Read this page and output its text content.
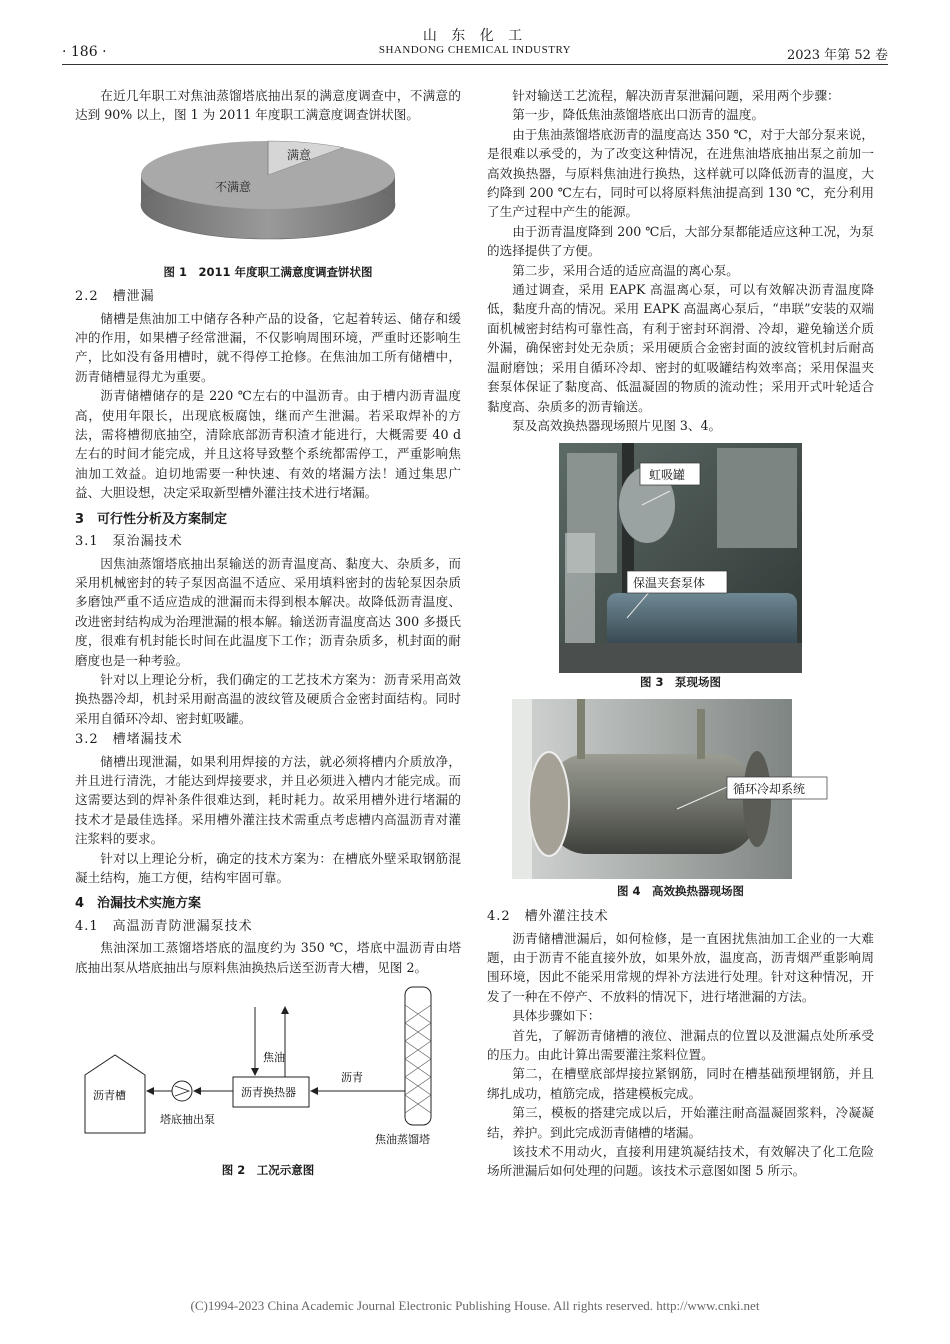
· 186 ·
山 东 化 工
SHANDONG CHEMICAL INDUSTRY	2023 年第 52 卷

在近几年职工对焦油蒸馏塔底抽出泵的满意度调查中，不满意的达到 90% 以上，图 1 为 2011 年度职工满意度调查饼状图。

满意
不满意
图 1　2011 年度职工满意度调查饼状图
2.2　槽泄漏

储槽是焦油加工中储存各种产品的设备，它起着转运、储存和缓冲的作用，如果槽子经常泄漏，不仅影响周围环境，严重时还影响生产，比如没有备用槽时，就不得停工抢修。在焦油加工所有储槽中，沥青储槽显得尤为重要。

沥青储槽储存的是 220 ℃左右的中温沥青。由于槽内沥青温度高，使用年限长，出现底板腐蚀，继而产生泄漏。若采取焊补的方法，需将槽彻底抽空，清除底部沥青积渣才能进行，大概需要 40 d 左右的时间才能完成，并且这将导致整个系统都需停工，严重影响焦油加工效益。迫切地需要一种快速、有效的堵漏方法！通过集思广益、大胆设想，决定采取新型槽外灌注技术进行堵漏。

3　可行性分析及方案制定
3.1　泵治漏技术

因焦油蒸馏塔底抽出泵输送的沥青温度高、黏度大、杂质多，而采用机械密封的转子泵因高温不适应、采用填料密封的齿轮泵因杂质多磨蚀严重不适应造成的泄漏而未得到根本解决。故降低沥青温度、改进密封结构成为治理泄漏的根本解。输送沥青温度高达 300 多摄氏度，很难有机封能长时间在此温度下工作；沥青杂质多，机封面的耐磨度也是一种考验。

针对以上理论分析，我们确定的工艺技术方案为：沥青采用高效换热器冷却，机封采用耐高温的波纹管及硬质合金密封面结构。同时采用自循环冷却、密封虹吸罐。

3.2　槽堵漏技术

储槽出现泄漏，如果利用焊接的方法，就必须将槽内介质放净，并且进行清洗，才能达到焊接要求，并且必须进入槽内才能完成。而这需要达到的焊补条件很难达到，耗时耗力。故采用槽外进行堵漏的技术才是最佳选择。采用槽外灌注技术需重点考虑槽内高温沥青对灌注浆料的要求。

针对以上理论分析，确定的技术方案为：在槽底外壁采取钢筋混凝土结构，施工方便，结构牢固可靠。

4　治漏技术实施方案
4.1　高温沥青防泄漏泵技术

焦油深加工蒸馏塔塔底的温度约为 350 ℃，塔底中温沥青由塔底抽出泵从塔底抽出与原料焦油换热后送至沥青大槽，见图 2。

沥青槽
塔底抽出泵
沥青换热器
焦油
沥青
焦油蒸馏塔
图 2　工况示意图

针对输送工艺流程，解决沥青泵泄漏问题，采用两个步骤：

第一步，降低焦油蒸馏塔底出口沥青的温度。

由于焦油蒸馏塔底沥青的温度高达 350 ℃，对于大部分泵来说，是很难以承受的，为了改变这种情况，在进焦油塔底抽出泵之前加一高效换热器，与原料焦油进行换热，这样就可以降低沥青的温度，大约降到 200 ℃左右，同时可以将原料焦油提高到 130 ℃，充分利用了生产过程中产生的能源。

由于沥青温度降到 200 ℃后，大部分泵都能适应这种工况，为泵的选择提供了方便。

第二步，采用合适的适应高温的离心泵。

通过调查，采用 EAPK 高温离心泵，可以有效解决沥青温度降低，黏度升高的情况。采用 EAPK 高温离心泵后，“串联”安装的双端面机械密封结构可靠性高，有利于密封环润滑、冷却，避免输送介质外漏，确保密封处无杂质；采用硬质合金密封面的波纹管机封后耐高温耐磨蚀；采用自循环冷却、密封的虹吸罐结构效率高；采用保温夹套泵体保证了黏度高、低温凝固的物质的流动性；采用开式叶轮适合黏度高、杂质多的沥青输送。

泵及高效换热器现场照片见图 3、4。

虹吸罐
保温夹套泵体
图 3　泵现场图
循环冷却系统
图 4　高效换热器现场图
4.2　槽外灌注技术

沥青储槽泄漏后，如何检修，是一直困扰焦油加工企业的一大难题，由于沥青不能直接外放，如果外放，温度高，沥青烟严重影响周围环境，因此不能采用常规的焊补方法进行处理。针对这种情况，开发了一种在不停产、不放料的情况下，进行堵泄漏的方法。

具体步骤如下：

首先，了解沥青储槽的液位、泄漏点的位置以及泄漏点处所承受的压力。由此计算出需要灌注浆料位置。

第二，在槽壁底部焊接拉紧钢筋，同时在槽基础预埋钢筋，并且绑扎成功，植筋完成，搭建模板完成。

第三，模板的搭建完成以后，开始灌注耐高温凝固浆料，冷凝凝结，养护。到此完成沥青储槽的堵漏。

该技术不用动火，直接利用建筑凝结技术，有效解决了化工危险场所泄漏后如何处理的问题。该技术示意图如图 5 所示。

(C)1994-2023 China Academic Journal Electronic Publishing House. All rights reserved. http://www.cnki.net
